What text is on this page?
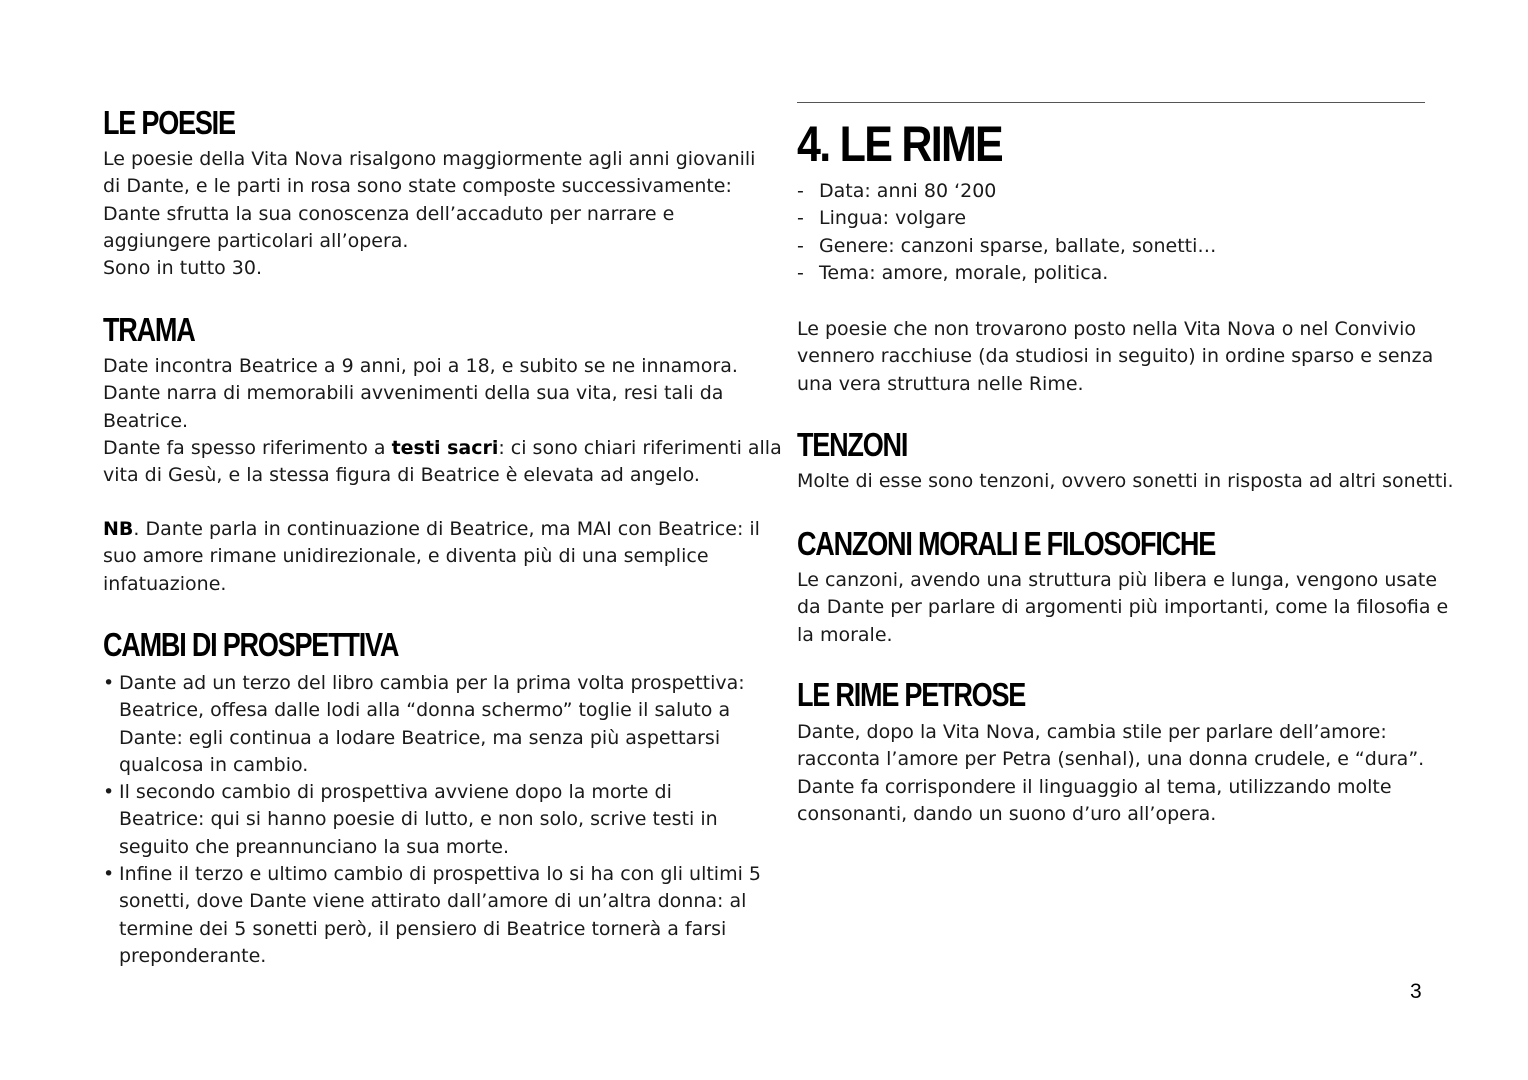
LE POESIE
Le poesie della Vita Nova risalgono maggiormente agli anni giovanili
di Dante, e le parti in rosa sono state composte successivamente:
Dante sfrutta la sua conoscenza dell’accaduto per narrare e
aggiungere particolari all’opera.
Sono in tutto 30.
TRAMA
Date incontra Beatrice a 9 anni, poi a 18, e subito se ne innamora.
Dante narra di memorabili avvenimenti della sua vita, resi tali da
Beatrice.
Dante fa spesso riferimento a testi sacri: ci sono chiari riferimenti alla
vita di Gesù, e la stessa figura di Beatrice è elevata ad angelo.
NB. Dante parla in continuazione di Beatrice, ma MAI con Beatrice: il
suo amore rimane unidirezionale, e diventa più di una semplice
infatuazione.
CAMBI DI PROSPETTIVA
• Dante ad un terzo del libro cambia per la prima volta prospettiva:
Beatrice, offesa dalle lodi alla “donna schermo” toglie il saluto a
Dante: egli continua a lodare Beatrice, ma senza più aspettarsi
qualcosa in cambio.
• Il secondo cambio di prospettiva avviene dopo la morte di
Beatrice: qui si hanno poesie di lutto, e non solo, scrive testi in
seguito che preannunciano la sua morte.
• Infine il terzo e ultimo cambio di prospettiva lo si ha con gli ultimi 5
sonetti, dove Dante viene attirato dall’amore di un’altra donna: al
termine dei 5 sonetti però, il pensiero di Beatrice tornerà a farsi
preponderante.
4. LE RIME
- Data: anni 80 ‘200
- Lingua: volgare
- Genere: canzoni sparse, ballate, sonetti…
- Tema: amore, morale, politica.
Le poesie che non trovarono posto nella Vita Nova o nel Convivio
vennero racchiuse (da studiosi in seguito) in ordine sparso e senza
una vera struttura nelle Rime.
TENZONI
Molte di esse sono tenzoni, ovvero sonetti in risposta ad altri sonetti.
CANZONI MORALI E FILOSOFICHE
Le canzoni, avendo una struttura più libera e lunga, vengono usate
da Dante per parlare di argomenti più importanti, come la filosofia e
la morale.
LE RIME PETROSE
Dante, dopo la Vita Nova, cambia stile per parlare dell’amore:
racconta l’amore per Petra (senhal), una donna crudele, e “dura”.
Dante fa corrispondere il linguaggio al tema, utilizzando molte
consonanti, dando un suono d’uro all’opera.
3
